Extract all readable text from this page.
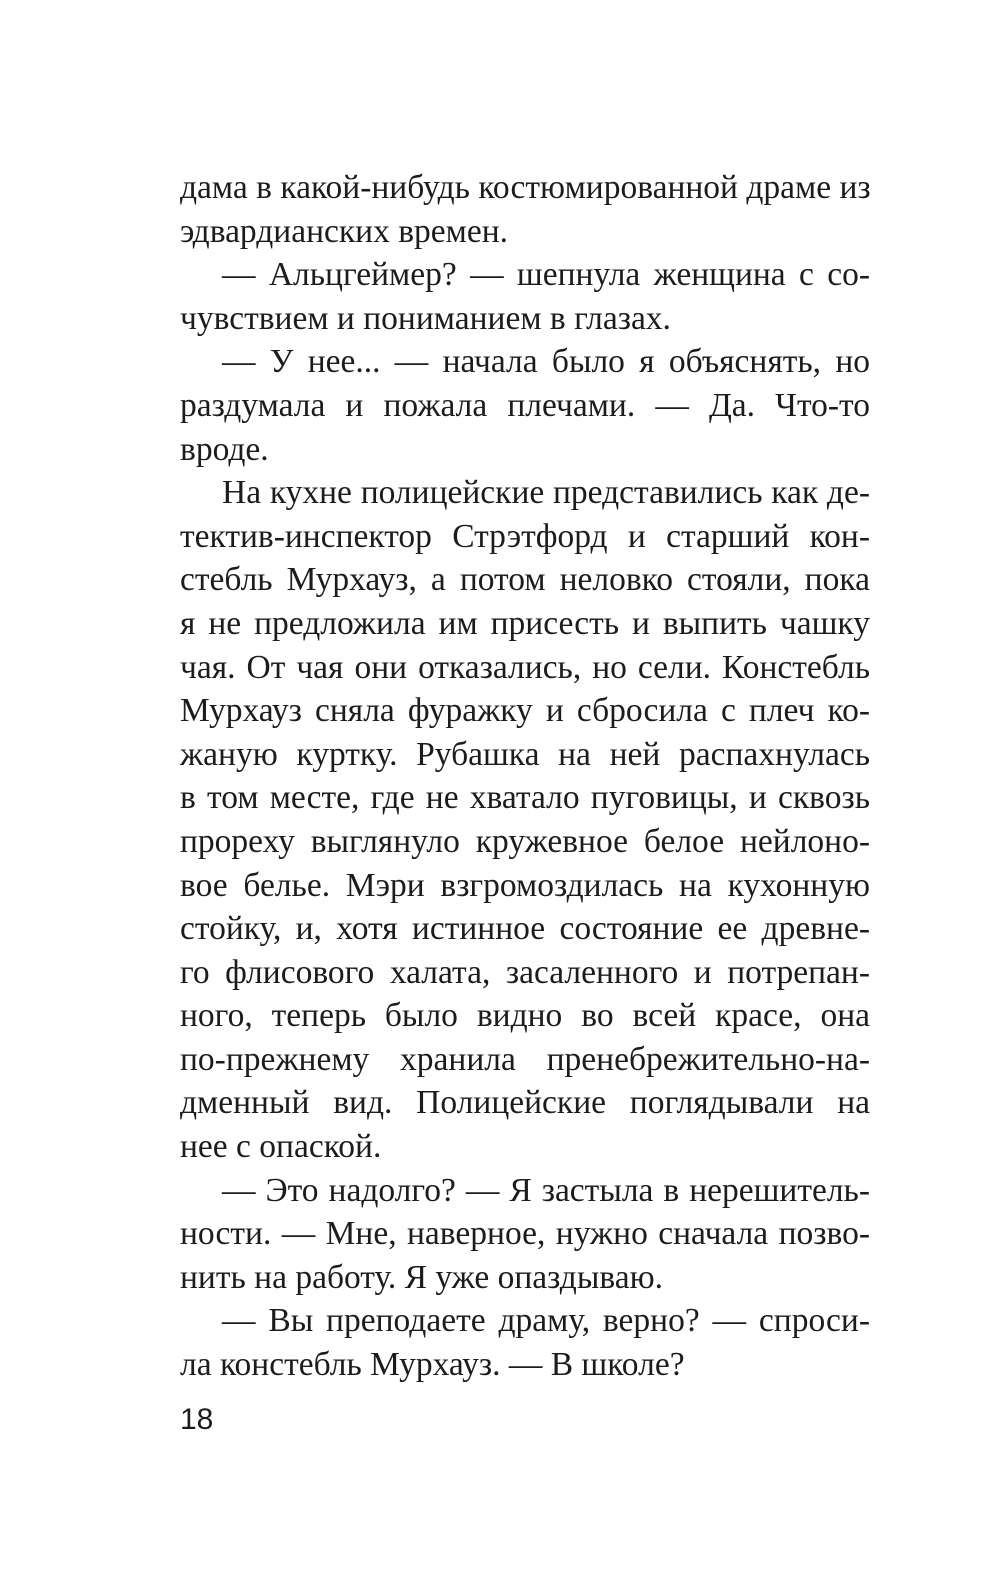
дама в какой-нибудь костюмированной драме из
эдвардианских времен.
— Альцгеймер? — шепнула женщина с со-
чувствием и пониманием в глазах.
— У нее... — начала было я объяснять, но
раздумала и пожала плечами. — Да. Что-то
вроде.
На кухне полицейские представились как де-
тектив-инспектор Стрэтфорд и старший кон-
стебль Мурхауз, а потом неловко стояли, пока
я не предложила им присесть и выпить чашку
чая. От чая они отказались, но сели. Констебль
Мурхауз сняла фуражку и сбросила с плеч ко-
жаную куртку. Рубашка на ней распахнулась
в том месте, где не хватало пуговицы, и сквозь
прореху выглянуло кружевное белое нейлоно-
вое белье. Мэри взгромоздилась на кухонную
стойку, и, хотя истинное состояние ее древне-
го флисового халата, засаленного и потрепан-
ного, теперь было видно во всей красе, она
по-прежнему хранила пренебрежительно-на-
дменный вид. Полицейские поглядывали на
нее с опаской.
— Это надолго? — Я застыла в нерешитель-
ности. — Мне, наверное, нужно сначала позво-
нить на работу. Я уже опаздываю.
— Вы преподаете драму, верно? — спроси-
ла констебль Мурхауз. — В школе?
18
